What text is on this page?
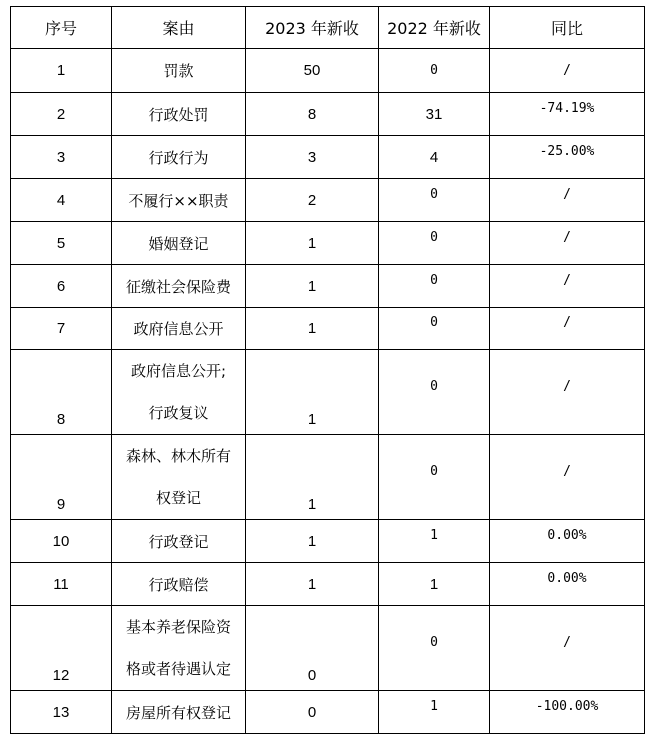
序号	案由	2023 年新收	2022 年新收	同比
1	罚款	50	0	/
2	行政处罚	8	31	-74.19%
3	行政行为	3	4	-25.00%
4	不履行××职责	2	0	/
5	婚姻登记	1	0	/
6	征缴社会保险费	1	0	/
7	政府信息公开	1	0	/
8	政府信息公开;
行政复议	1	0	/
9	森林、林木所有
权登记	1	0	/
10	行政登记	1	1	0.00%
11	行政赔偿	1	1	0.00%
12	基本养老保险资
格或者待遇认定	0	0	/
13	房屋所有权登记	0	1	-100.00%
